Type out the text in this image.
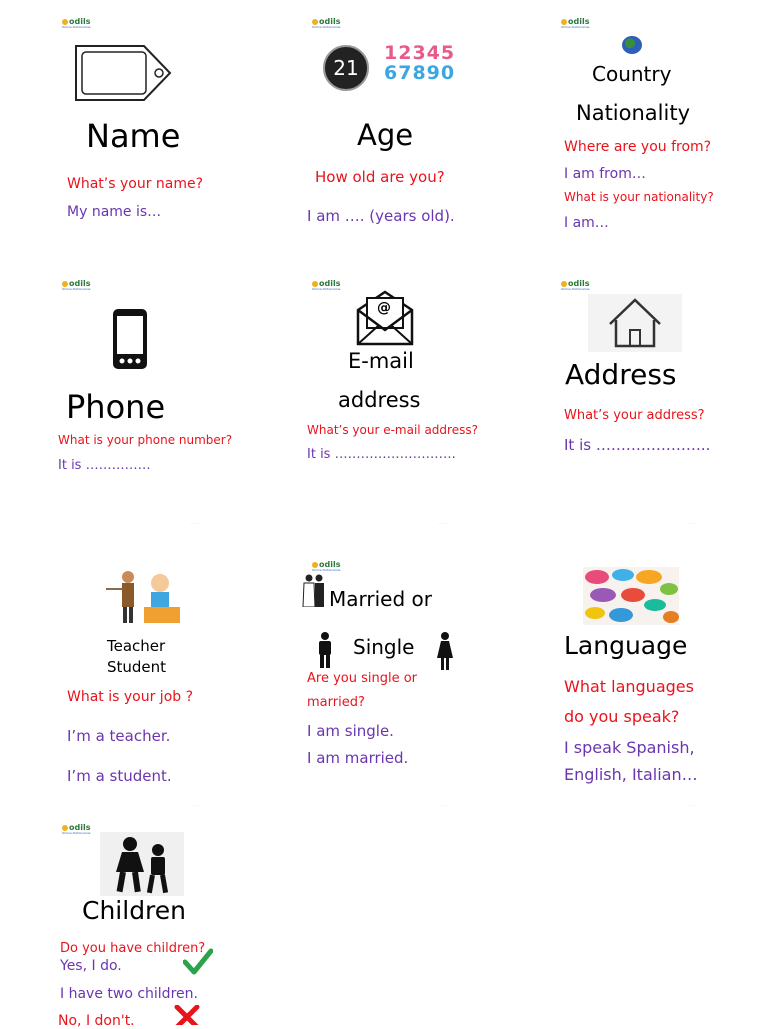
odils
Online Dictionaries
Name
What’s your name?
My name is…
odils
Online Dictionaries
21
12345
67890
Age
How old are you?
I am …. (years old).
odils
Online Dictionaries
Country
Nationality
Where are you from?
I am from…
What is your nationality?
I am…
odils
Online Dictionaries
Phone
What is your phone number?
It is ……………
·········
odils
Online Dictionaries
@
E-mail
address
What’s your e-mail address?
It is ……………………….
·········
odils
Online Dictionaries
Address
What’s your address?
It is …………………..
·········
Teacher
Student
What is your job ?
I’m a teacher.
I’m a student.
·········
odils
Online Dictionaries
Married or
Single
Are you single or
married?
I am single.
I am married.
·········
Language
What languages
do you speak?
I speak Spanish,
English, Italian…
·········
odils
Online Dictionaries
Children
Do you have children?
Yes, I do.
I have two children.
No, I don't.
